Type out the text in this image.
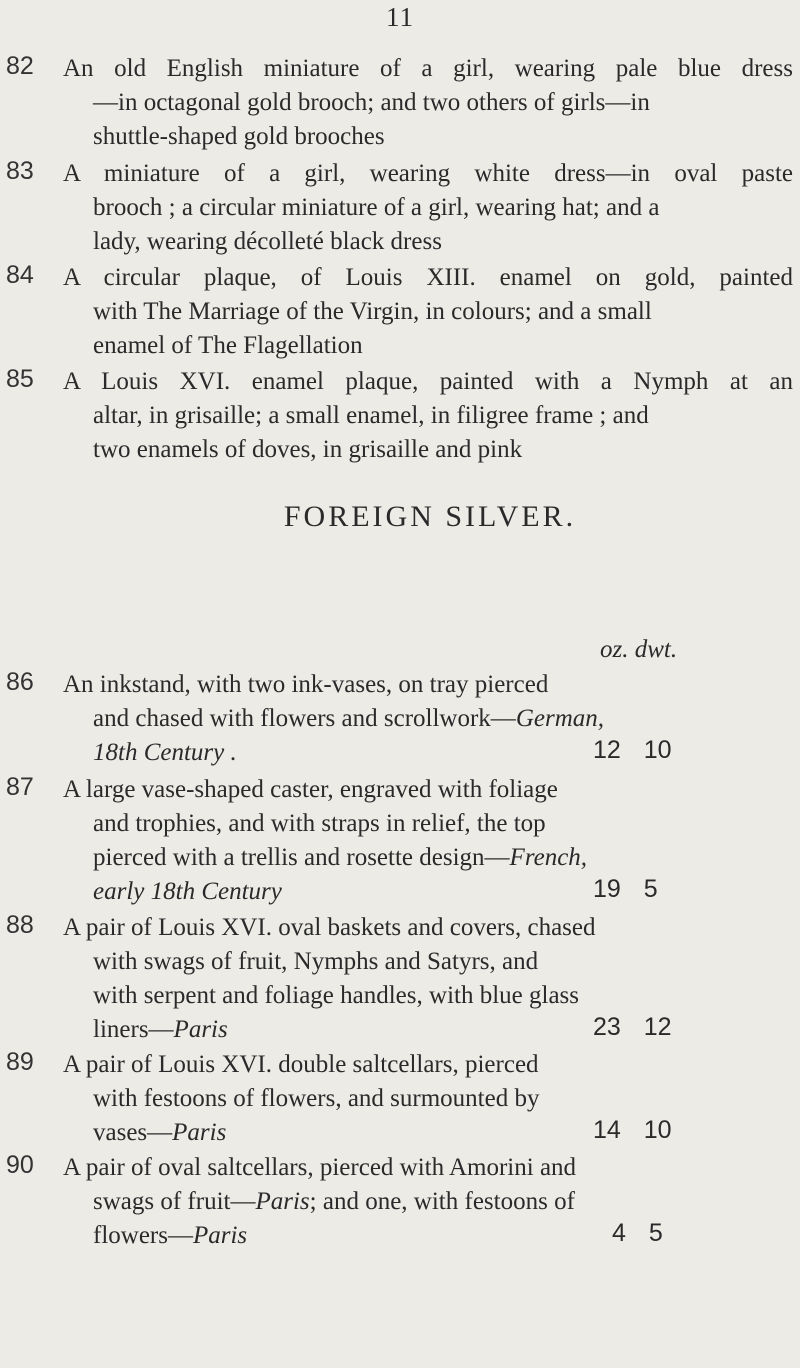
11
82 An old English miniature of a girl, wearing pale blue dress
—in octagonal gold brooch; and two others of girls—in
shuttle-shaped gold brooches
83 A miniature of a girl, wearing white dress—in oval paste
brooch ; a circular miniature of a girl, wearing hat; and a
lady, wearing décolleté black dress
84 A circular plaque, of Louis XIII. enamel on gold, painted
with The Marriage of the Virgin, in colours; and a small
enamel of The Flagellation
85 A Louis XVI. enamel plaque, painted with a Nymph at an
altar, in grisaille; a small enamel, in filigree frame ; and
two enamels of doves, in grisaille and pink
FOREIGN SILVER.
oz. dwt.
86 An inkstand, with two ink-vases, on tray pierced
and chased with flowers and scrollwork—German,
18th Century .	12 10
87 A large vase-shaped caster, engraved with foliage
and trophies, and with straps in relief, the top
pierced with a trellis and rosette design—French,
early 18th Century	19 5
88 A pair of Louis XVI. oval baskets and covers, chased
with swags of fruit, Nymphs and Satyrs, and
with serpent and foliage handles, with blue glass
liners—Paris	23 12
89 A pair of Louis XVI. double saltcellars, pierced
with festoons of flowers, and surmounted by
vases—Paris	14 10
90 A pair of oval saltcellars, pierced with Amorini and
swags of fruit—Paris; and one, with festoons of
flowers—Paris	4 5
